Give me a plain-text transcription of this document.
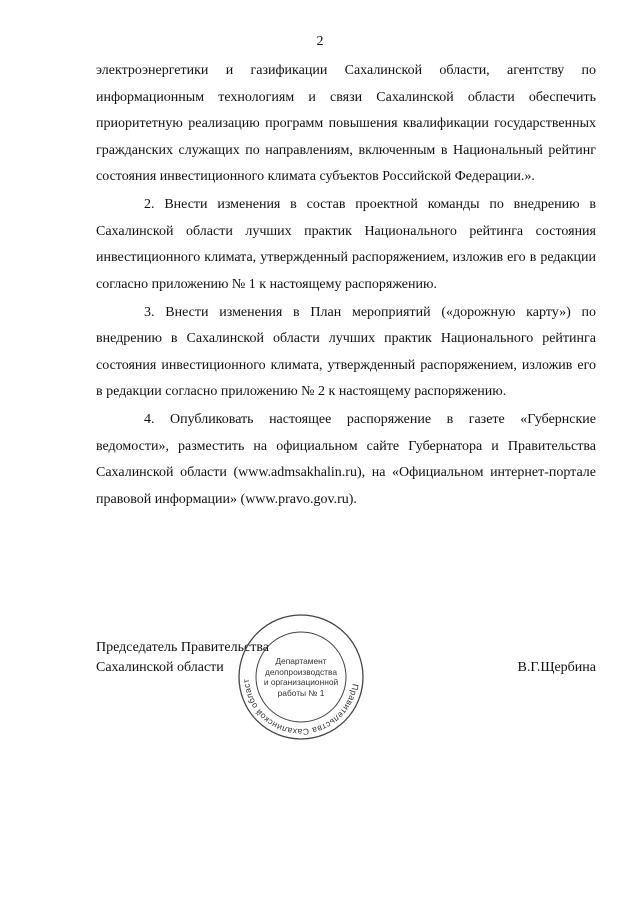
2

электроэнергетики и газификации Сахалинской области, агентству по информационным технологиям и связи Сахалинской области обеспечить приоритетную реализацию программ повышения квалификации государственных гражданских служащих по направлениям, включенным в Национальный рейтинг состояния инвестиционного климата субъектов Российской Федерации.».

2. Внести изменения в состав проектной команды по внедрению в Сахалинской области лучших практик Национального рейтинга состояния инвестиционного климата, утвержденный распоряжением, изложив его в редакции согласно приложению № 1 к настоящему распоряжению.

3. Внести изменения в План мероприятий («дорожную карту») по внедрению в Сахалинской области лучших практик Национального рейтинга состояния инвестиционного климата, утвержденный распоряжением, изложив его в редакции согласно приложению № 2 к настоящему распоряжению.

4. Опубликовать настоящее распоряжение в газете «Губернские ведомости», разместить на официальном сайте Губернатора и Правительства Сахалинской области (www.admsakhalin.ru), на «Официальном интернет-портале правовой информации» (www.pravo.gov.ru).

Председатель Правительства
Сахалинской области	В.Г.Щербина
Правительства Сахалинской област
Департамент
делопроизводства
и организационной
работы № 1
